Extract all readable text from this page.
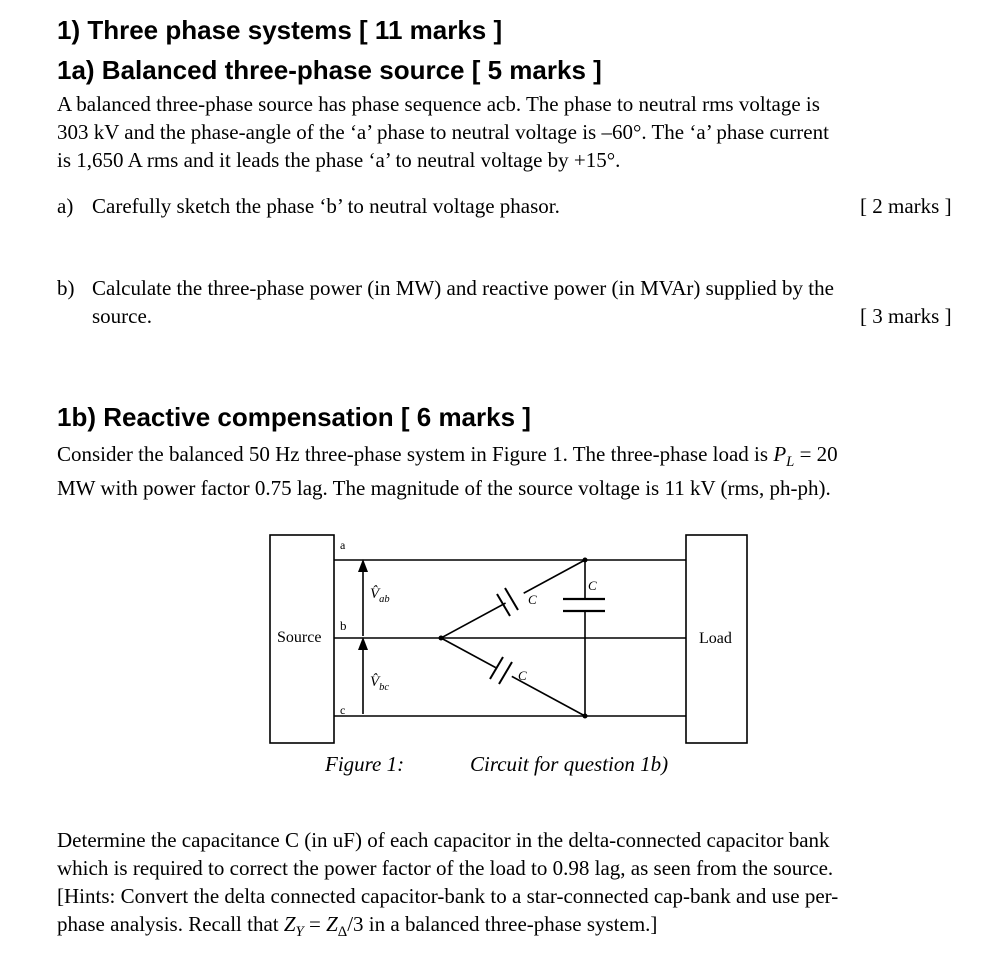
1) Three phase systems [ 11 marks ]
1a) Balanced three-phase source [ 5 marks ]
A balanced three-phase source has phase sequence acb. The phase to neutral rms voltage is
303 kV and the phase-angle of the ‘a’ phase to neutral voltage is –60°. The ‘a’ phase current
is 1,650 A rms and it leads the phase ‘a’ to neutral voltage by +15°.
a) Carefully sketch the phase ‘b’ to neutral voltage phasor.	[ 2 marks ]
b) Calculate the three-phase power (in MW) and reactive power (in MVAr) supplied by the
source.	[ 3 marks ]
1b) Reactive compensation [ 6 marks ]
Consider the balanced 50 Hz three-phase system in Figure 1. The three-phase load is $P_L = 20$
MW with power factor 0.75 lag. The magnitude of the source voltage is 11 kV (rms, ph-ph).
Source	Load
a
b
c
$V̂_{ab}$
$V̂_{bc}$
C
C
C
Figure 1:	Circuit for question 1b)
Determine the capacitance C (in uF) of each capacitor in the delta-connected capacitor bank
which is required to correct the power factor of the load to 0.98 lag, as seen from the source.
[Hints: Convert the delta connected capacitor-bank to a star-connected cap-bank and use per-
phase analysis. Recall that $Z_Y = Z_\Delta/3$ in a balanced three-phase system.]
